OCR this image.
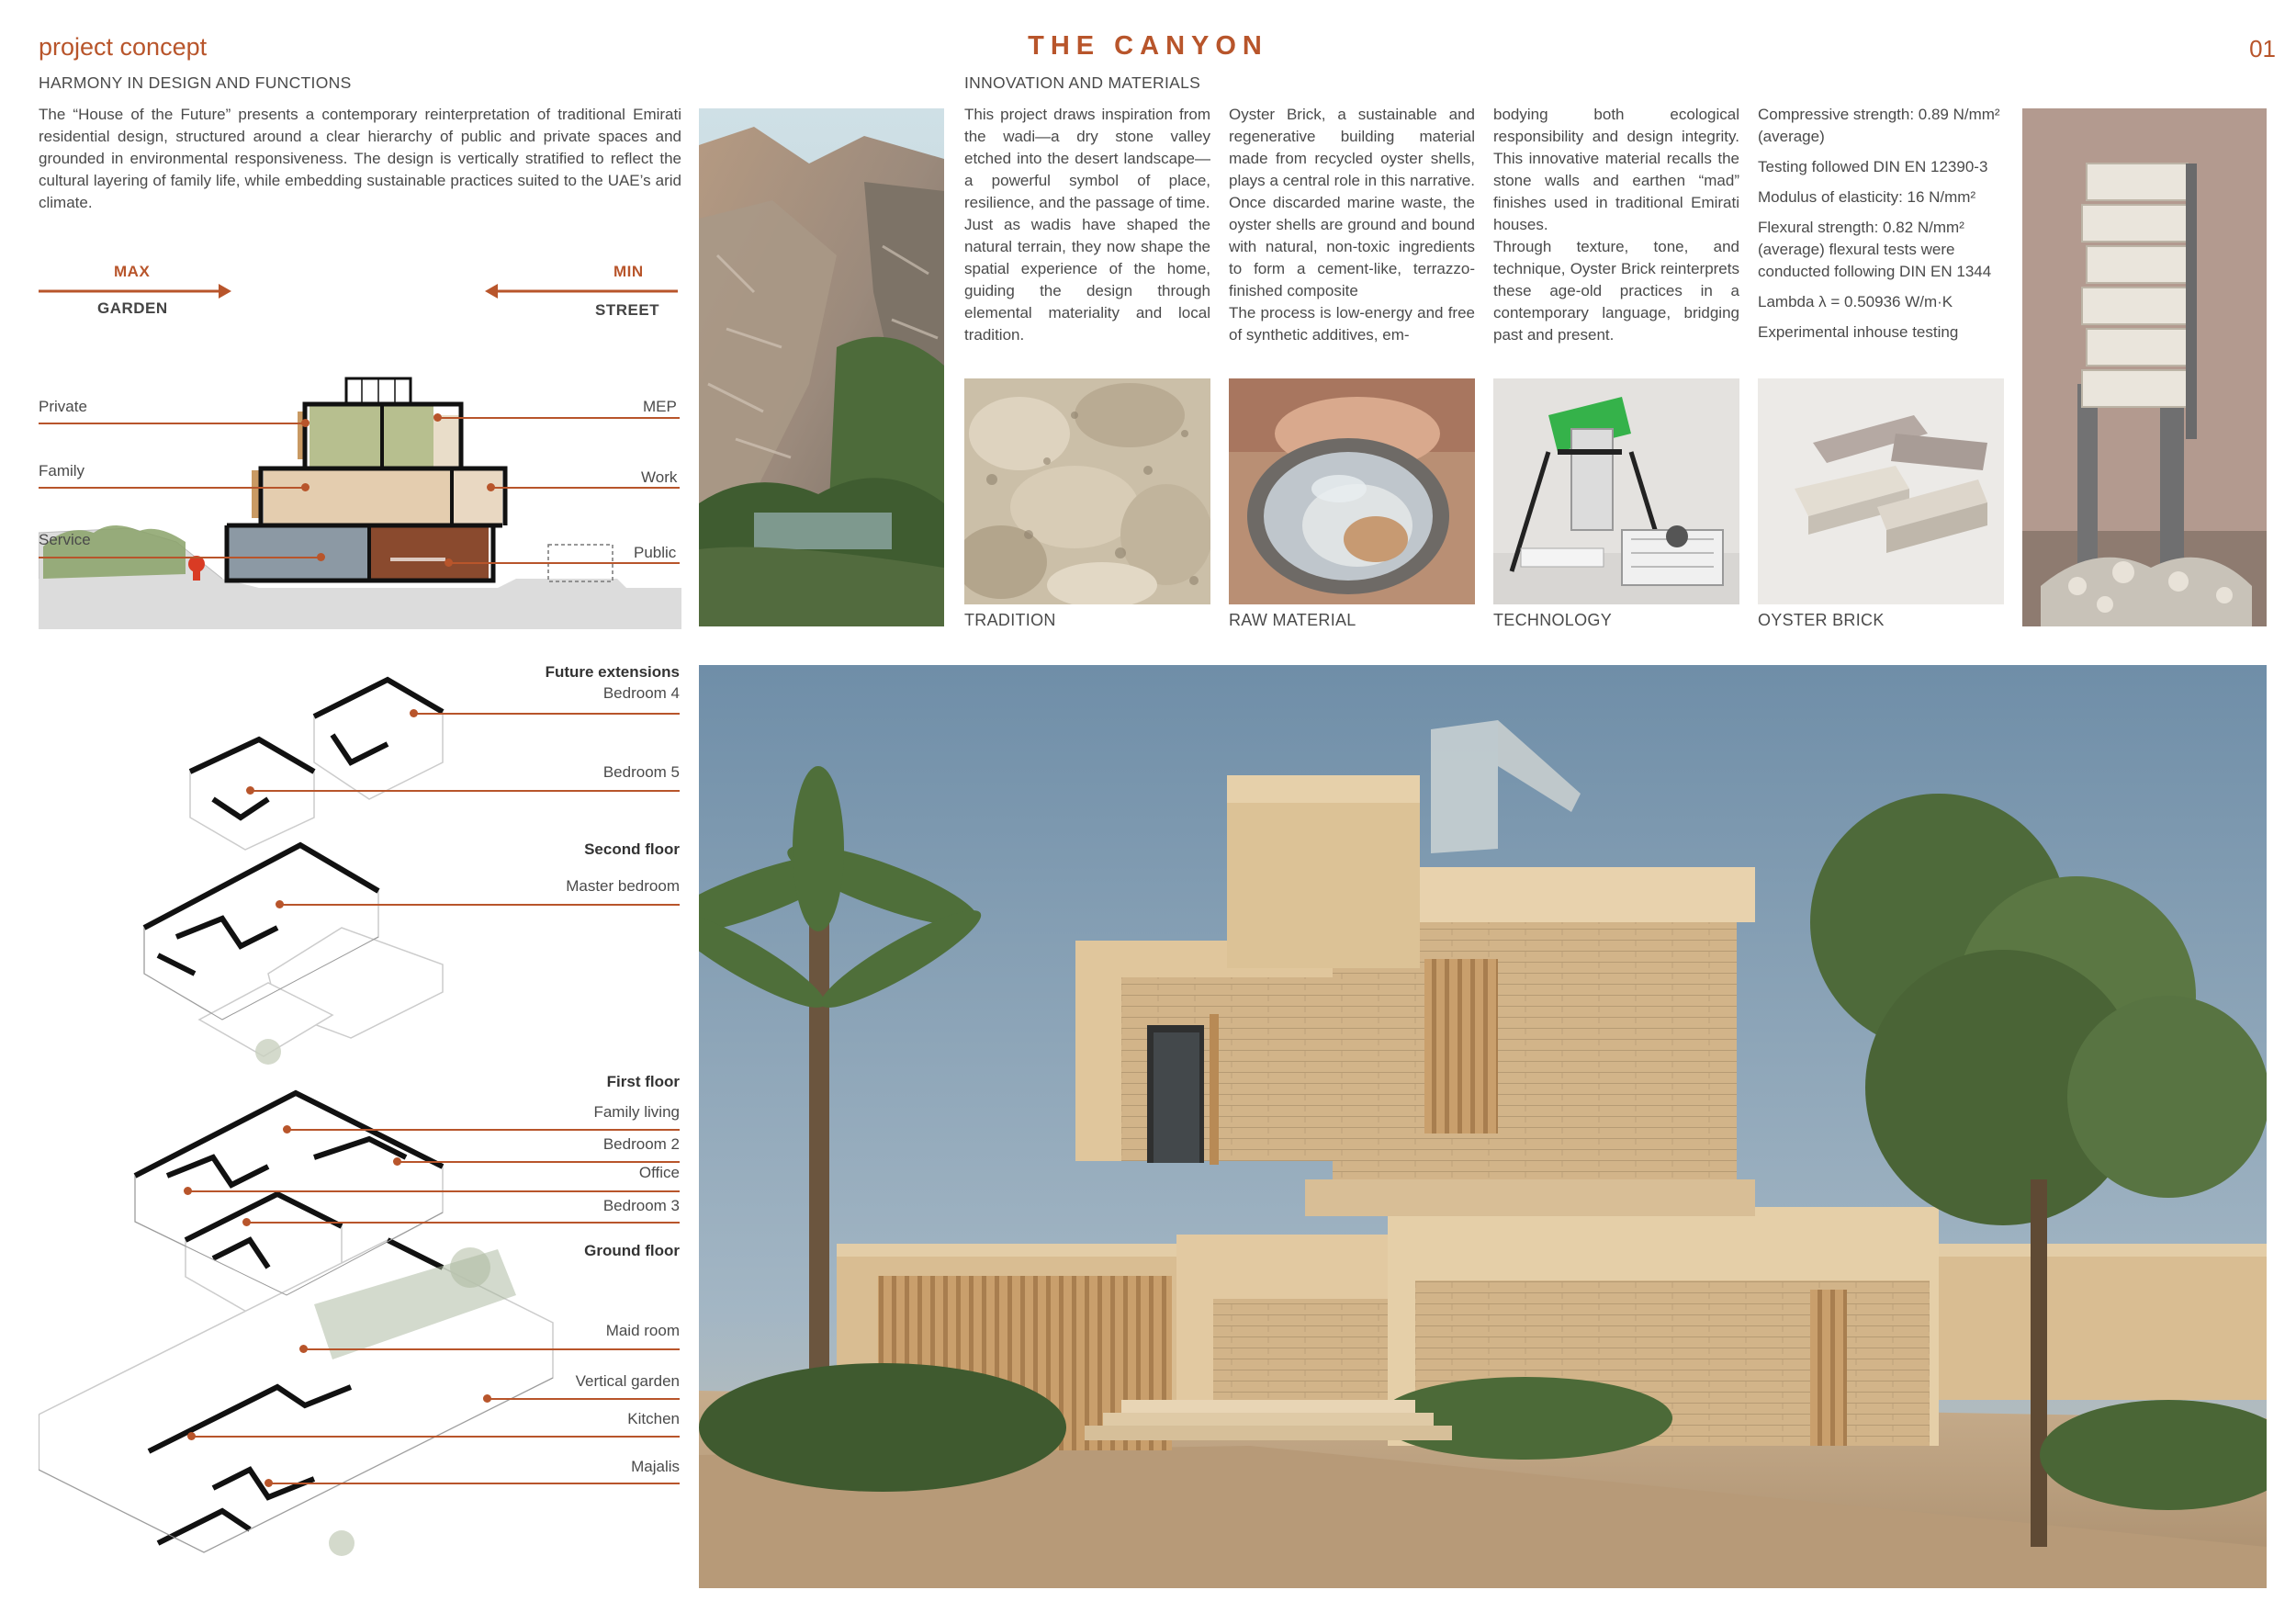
project concept	THE CANYON	01
HARMONY IN DESIGN AND FUNCTIONS
The “House of the Future” presents a contemporary reinterpretation of traditional Emirati residential design, structured around a clear hierarchy of public and private spaces and grounded in environmental responsiveness. The design is vertically stratified to reflect the cultural layering of family life, while embedding sustainable practices suited to the UAE’s arid climate.
MAX
GARDEN
MIN
STREET
Private
Family
Service
MEP
Work
Public
INNOVATION AND MATERIALS

This project draws inspiration from the wadi—a dry stone valley etched into the desert landscape—a powerful symbol of place, resilience, and the passage of time.

Just as wadis have shaped the natural terrain, they now shape the spatial experience of the home, guiding the design through elemental materiality and local tradition.

Oyster Brick, a sustainable and regenerative building material made from recycled oyster shells, plays a central role in this narrative. Once discarded marine waste, the oyster shells are ground and bound with natural, non-toxic ingredients to form a cement-like, terrazzo-finished composite

The process is low-energy and free of synthetic additives, em-

bodying both ecological responsibility and design integrity. This innovative material recalls the stone walls and earthen “mad” finishes used in traditional Emirati houses.

Through texture, tone, and technique, Oyster Brick reinterprets these age-old practices in a contemporary language, bridging past and present.

Compressive strength: 0.89 N/mm² (average)

Testing followed DIN EN 12390-3

Modulus of elasticity: 16 N/mm²

Flexural strength: 0.82 N/mm² (average) flexural tests were conducted following DIN EN 1344

Lambda λ = 0.50936 W/m·K

Experimental inhouse testing

TRADITION	RAW MATERIAL	TECHNOLOGY	OYSTER BRICK
Future extensions
Bedroom 4
Bedroom 5
Second floor
Master bedroom
First floor
Family living
Bedroom 2
Office
Bedroom 3
Ground floor
Maid room
Vertical garden
Kitchen
Majalis
